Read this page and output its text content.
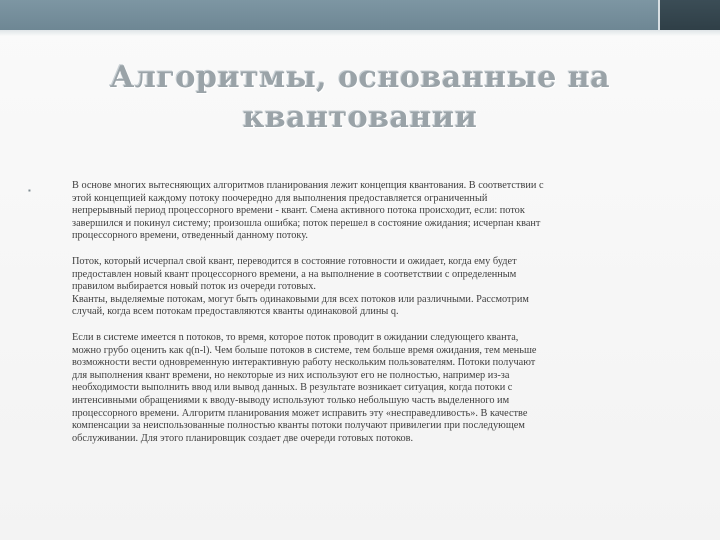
Алгоритмы, основанные на
квантовании
▪	В основе многих вытесняющих алгоритмов планирования лежит концепция квантования. В соответствии с
этой концепцией каждому потоку поочередно для выполнения предоставляется ограниченный
непрерывный период процессорного времени - квант. Смена активного потока происходит, если: поток
завершился и покинул систему; произошла ошибка; поток перешел в состояние ожидания; исчерпан квант
процессорного времени, отведенный данному потоку.
Поток, который исчерпал свой квант, переводится в состояние готовности и ожидает, когда ему будет
предоставлен новый квант процессорного времени, а на выполнение в соответствии с определенным
правилом выбирается новый поток из очереди готовых.
Кванты, выделяемые потокам, могут быть одинаковыми для всех потоков или различными. Рассмотрим
случай, когда всем потокам предоставляются кванты одинаковой длины q.
Если в системе имеется n потоков, то время, которое поток проводит в ожидании следующего кванта,
можно грубо оценить как q(n-l). Чем больше потоков в системе, тем больше время ожидания, тем меньше
возможности вести одновременную интерактивную работу нескольким пользователям. Потоки получают
для выполнения квант времени, но некоторые из них используют его не полностью, например из-за
необходимости выполнить ввод или вывод данных. В результате возникает ситуация, когда потоки с
интенсивными обращениями к вводу-выводу используют только небольшую часть выделенного им
процессорного времени. Алгоритм планирования может исправить эту «несправедливость». В качестве
компенсации за неиспользованные полностью кванты потоки получают привилегии при последующем
обслуживании. Для этого планировщик создает две очереди готовых потоков.
